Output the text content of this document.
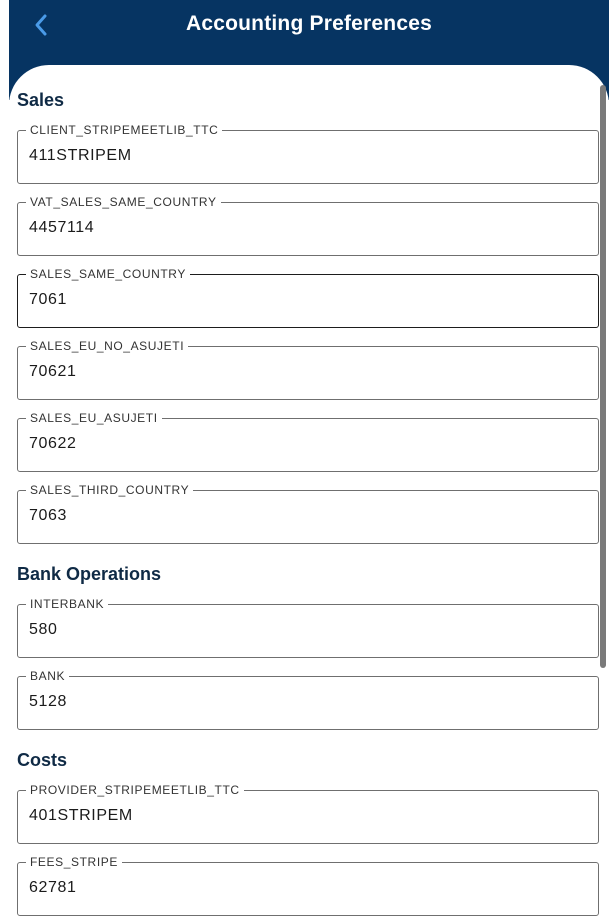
Accounting Preferences
Sales
CLIENT_STRIPEMEETLIB_TTC
411STRIPEM
VAT_SALES_SAME_COUNTRY
4457114
SALES_SAME_COUNTRY
7061
SALES_EU_NO_ASUJETI
70621
SALES_EU_ASUJETI
70622
SALES_THIRD_COUNTRY
7063
Bank Operations
INTERBANK
580
BANK
5128
Costs
PROVIDER_STRIPEMEETLIB_TTC
401STRIPEM
FEES_STRIPE
62781
